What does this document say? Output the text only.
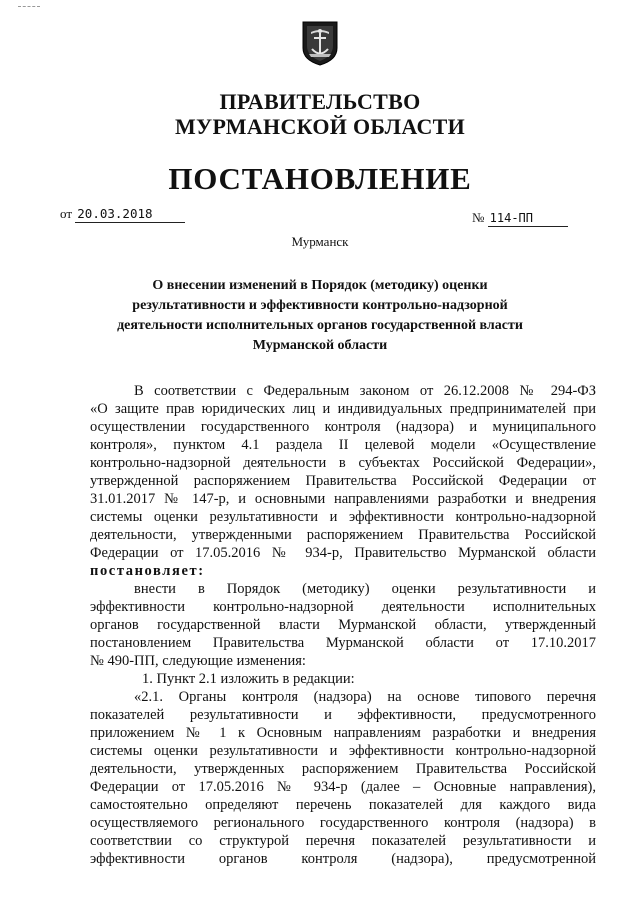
ПРАВИТЕЛЬСТВО
МУРМАНСКОЙ ОБЛАСТИ
ПОСТАНОВЛЕНИЕ
от 20.03.2018	№ 114-ПП
Мурманск
О внесении изменений в Порядок (методику) оценки
результативности и эффективности контрольно-надзорной
деятельности исполнительных органов государственной власти
Мурманской области
В соответствии с Федеральным законом от 26.12.2008 № 294-ФЗ
«О защите прав юридических лиц и индивидуальных предпринимателей при
осуществлении государственного контроля (надзора) и муниципального
контроля», пунктом 4.1 раздела II целевой модели «Осуществление
контрольно-надзорной деятельности в субъектах Российской Федерации»,
утвержденной распоряжением Правительства Российской Федерации от
31.01.2017 № 147-р, и основными направлениями разработки и внедрения
системы оценки результативности и эффективности контрольно-надзорной
деятельности, утвержденными распоряжением Правительства Российской
Федерации от 17.05.2016 № 934-р, Правительство Мурманской области
постановляет:
внести в Порядок (методику) оценки результативности и
эффективности контрольно-надзорной деятельности исполнительных
органов государственной власти Мурманской области, утвержденный
постановлением Правительства Мурманской области от 17.10.2017
№ 490-ПП, следующие изменения:
1. Пункт 2.1 изложить в редакции:
«2.1. Органы контроля (надзора) на основе типового перечня
показателей результативности и эффективности, предусмотренного
приложением № 1 к Основным направлениям разработки и внедрения
системы оценки результативности и эффективности контрольно-надзорной
деятельности, утвержденных распоряжением Правительства Российской
Федерации от 17.05.2016 № 934-р (далее – Основные направления),
самостоятельно определяют перечень показателей для каждого вида
осуществляемого регионального государственного контроля (надзора) в
соответствии со структурой перечня показателей результативности и
эффективности органов контроля (надзора), предусмотренной
